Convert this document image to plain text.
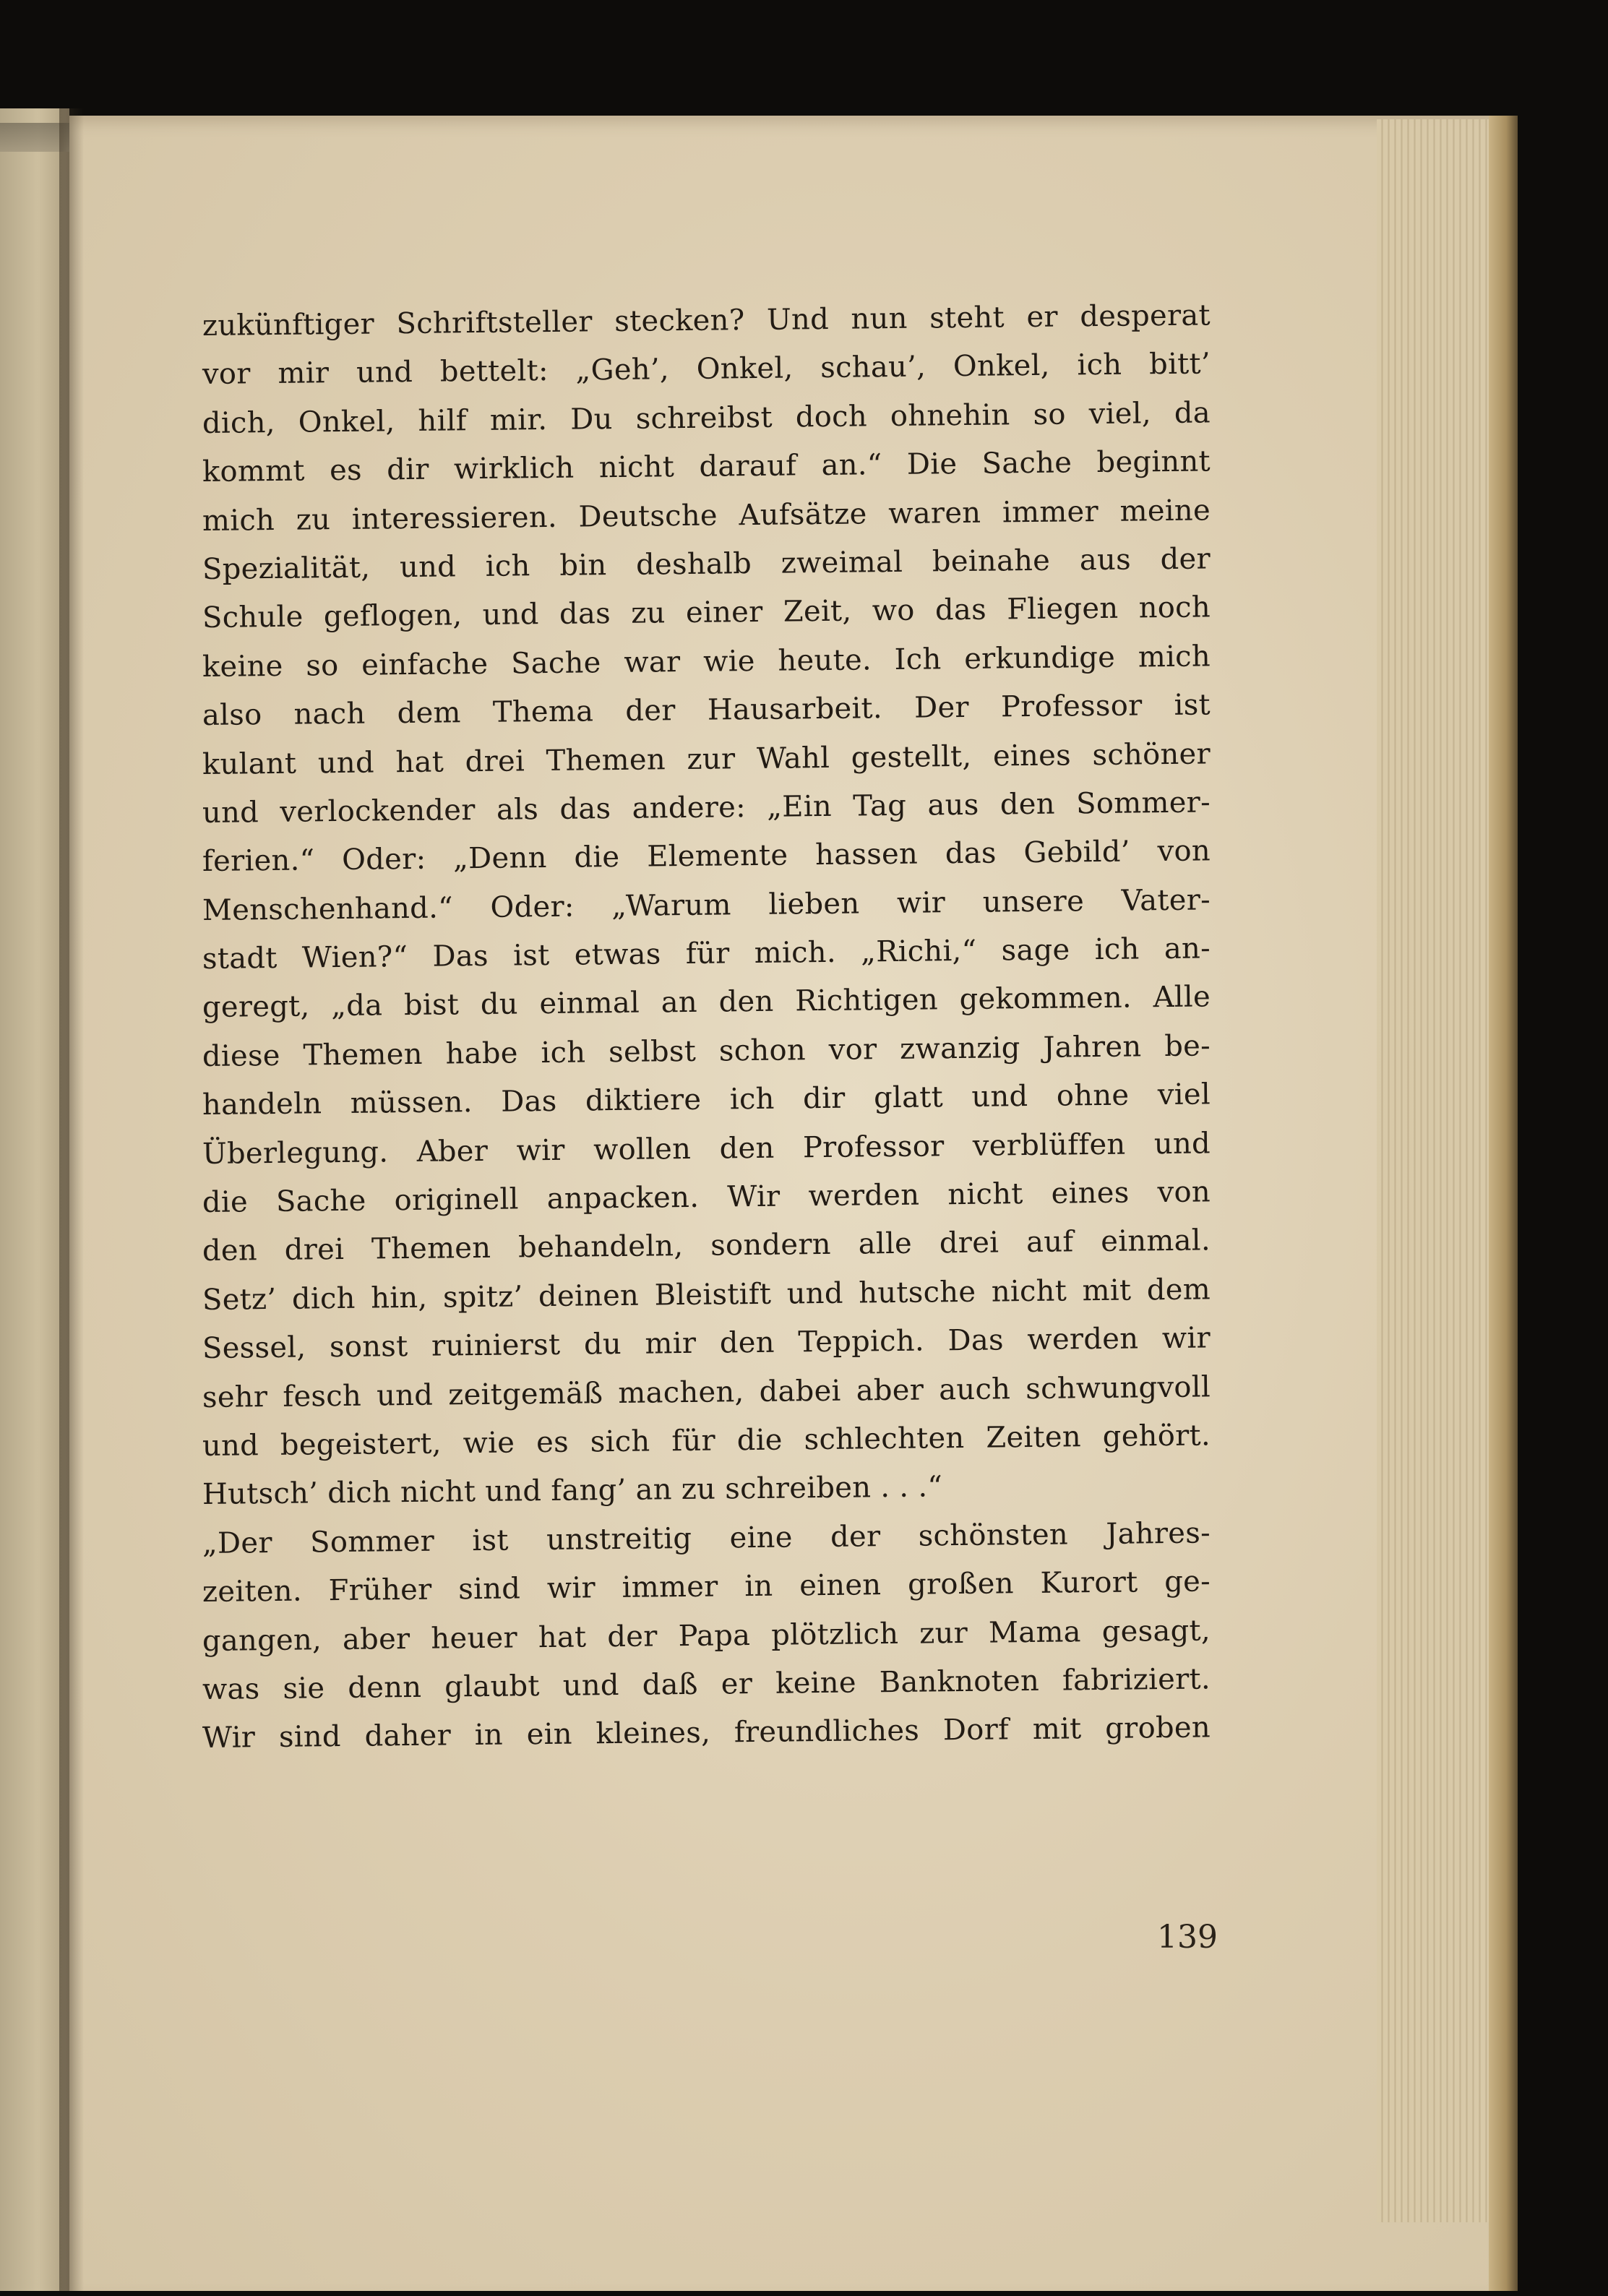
zukünftiger Schriftsteller stecken? Und nun steht er desperat
vor mir und bettelt: „Geh’, Onkel, schau’, Onkel, ich bitt’
dich, Onkel, hilf mir. Du schreibst doch ohnehin so viel, da
kommt es dir wirklich nicht darauf an.“ Die Sache beginnt
mich zu interessieren. Deutsche Aufsätze waren immer meine
Spezialität, und ich bin deshalb zweimal beinahe aus der
Schule geflogen, und das zu einer Zeit, wo das Fliegen noch
keine so einfache Sache war wie heute. Ich erkundige mich
also nach dem Thema der Hausarbeit. Der Professor ist
kulant und hat drei Themen zur Wahl gestellt, eines schöner
und verlockender als das andere: „Ein Tag aus den Sommer-
ferien.“ Oder: „Denn die Elemente hassen das Gebild’ von
Menschenhand.“ Oder: „Warum lieben wir unsere Vater-
stadt Wien?“ Das ist etwas für mich. „Richi,“ sage ich an-
geregt, „da bist du einmal an den Richtigen gekommen. Alle
diese Themen habe ich selbst schon vor zwanzig Jahren be-
handeln müssen. Das diktiere ich dir glatt und ohne viel
Überlegung. Aber wir wollen den Professor verblüffen und
die Sache originell anpacken. Wir werden nicht eines von
den drei Themen behandeln, sondern alle drei auf einmal.
Setz’ dich hin, spitz’ deinen Bleistift und hutsche nicht mit dem
Sessel, sonst ruinierst du mir den Teppich. Das werden wir
sehr fesch und zeitgemäß machen, dabei aber auch schwungvoll
und begeistert, wie es sich für die schlechten Zeiten gehört.
Hutsch’ dich nicht und fang’ an zu schreiben . . .“
„Der Sommer ist unstreitig eine der schönsten Jahres-
zeiten. Früher sind wir immer in einen großen Kurort ge-
gangen, aber heuer hat der Papa plötzlich zur Mama gesagt,
was sie denn glaubt und daß er keine Banknoten fabriziert.
Wir sind daher in ein kleines, freundliches Dorf mit groben
139
